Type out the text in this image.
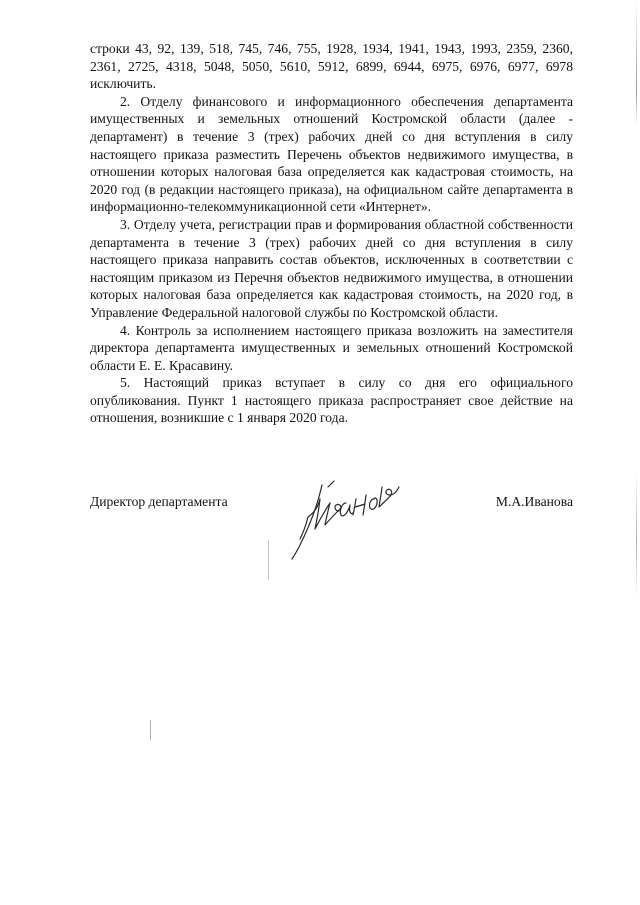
строки 43, 92, 139, 518, 745, 746, 755, 1928, 1934, 1941, 1943, 1993, 2359, 2360, 2361, 2725, 4318, 5048, 5050, 5610, 5912, 6899, 6944, 6975, 6976, 6977, 6978 исключить.

2. Отделу финансового и информационного обеспечения департамента имущественных и земельных отношений Костромской области (далее - департамент) в течение 3 (трех) рабочих дней со дня вступления в силу настоящего приказа разместить Перечень объектов недвижимого имущества, в отношении которых налоговая база определяется как кадастровая стоимость, на 2020 год (в редакции настоящего приказа), на официальном сайте департамента в информационно-телекоммуникационной сети «Интернет».

3. Отделу учета, регистрации прав и формирования областной собственности департамента в течение 3 (трех) рабочих дней со дня вступления в силу настоящего приказа направить состав объектов, исключенных в соответствии с настоящим приказом из Перечня объектов недвижимого имущества, в отношении которых налоговая база определяется как кадастровая стоимость, на 2020 год, в Управление Федеральной налоговой службы по Костромской области.

4. Контроль за исполнением настоящего приказа возложить на заместителя директора департамента имущественных и земельных отношений Костромской области Е. Е. Красавину.

5. Настоящий приказ вступает в силу со дня его официального опубликования. Пункт 1 настоящего приказа распространяет свое действие на отношения, возникшие с 1 января 2020 года.

Директор департамента	М.А.Иванова
